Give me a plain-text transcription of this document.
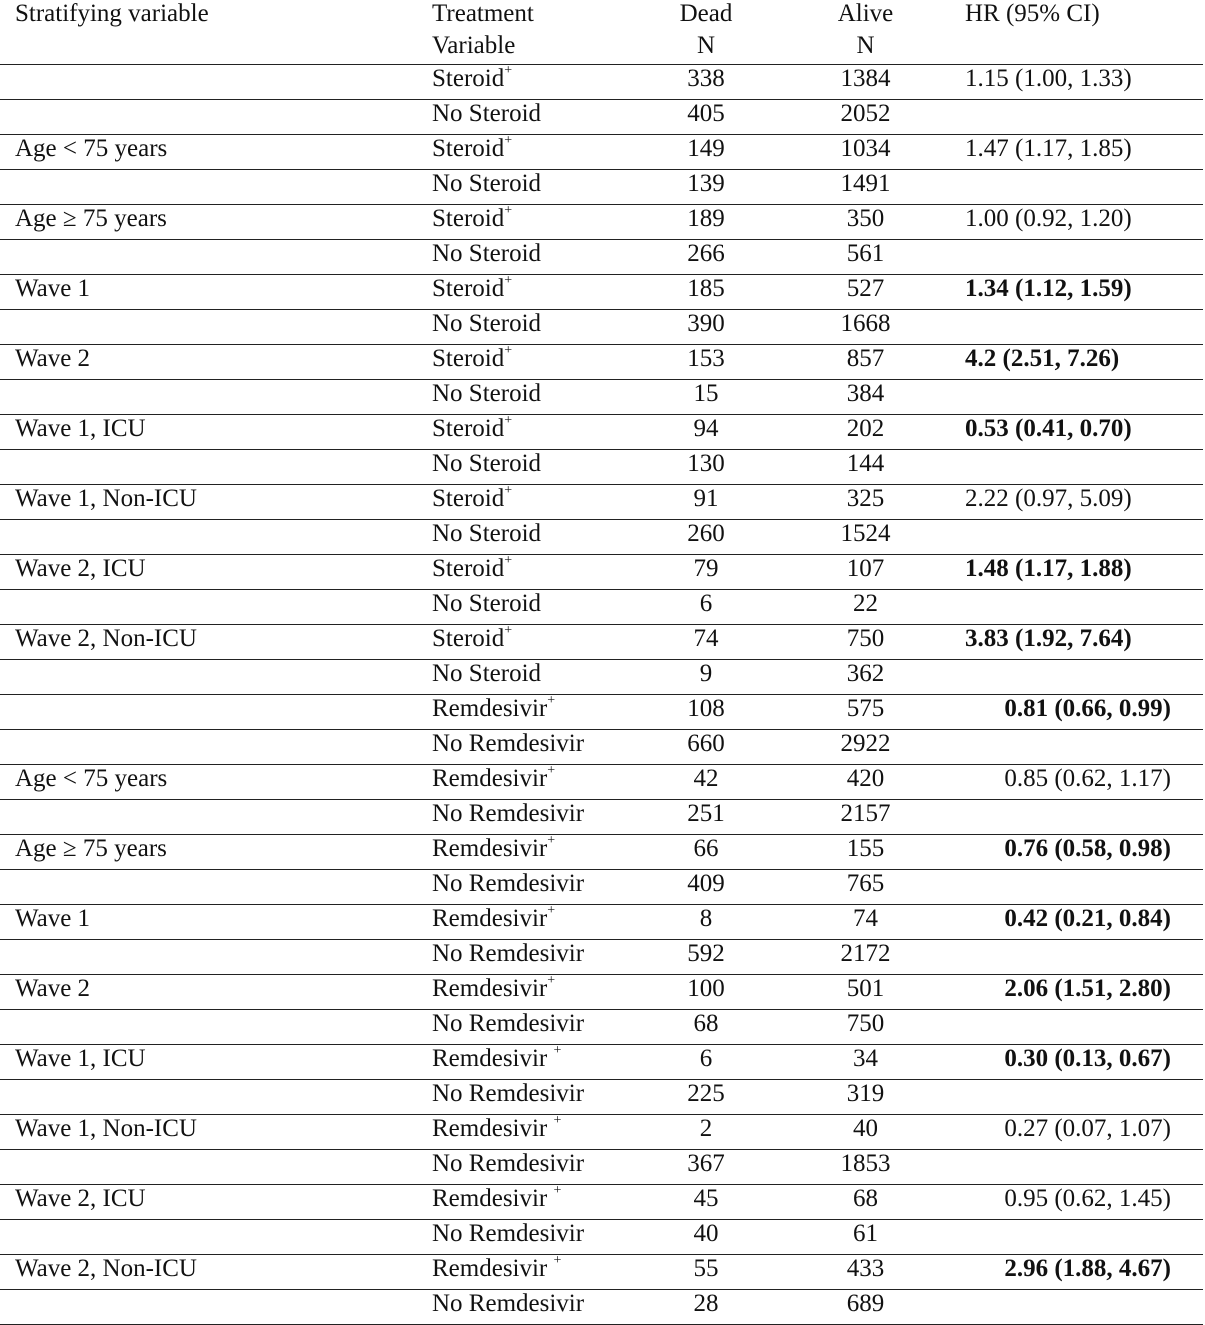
Stratifying variable	Treatment	Dead	Alive	HR (95% CI)
	Variable	N	N	
	Steroid+	338	1384	1.15 (1.00, 1.33)
	No Steroid	405	2052	
Age < 75 years	Steroid+	149	1034	1.47 (1.17, 1.85)
	No Steroid	139	1491	
Age ≥ 75 years	Steroid+	189	350	1.00 (0.92, 1.20)
	No Steroid	266	561	
Wave 1	Steroid+	185	527	1.34 (1.12, 1.59)
	No Steroid	390	1668	
Wave 2	Steroid+	153	857	4.2 (2.51, 7.26)
	No Steroid	15	384	
Wave 1, ICU	Steroid+	94	202	0.53 (0.41, 0.70)
	No Steroid	130	144	
Wave 1, Non-ICU	Steroid+	91	325	2.22 (0.97, 5.09)
	No Steroid	260	1524	
Wave 2, ICU	Steroid+	79	107	1.48 (1.17, 1.88)
	No Steroid	6	22	
Wave 2, Non-ICU	Steroid+	74	750	3.83 (1.92, 7.64)
	No Steroid	9	362	
	Remdesivir+	108	575	0.81 (0.66, 0.99)
	No Remdesivir	660	2922	
Age < 75 years	Remdesivir+	42	420	0.85 (0.62, 1.17)
	No Remdesivir	251	2157	
Age ≥ 75 years	Remdesivir+	66	155	0.76 (0.58, 0.98)
	No Remdesivir	409	765	
Wave 1	Remdesivir+	8	74	0.42 (0.21, 0.84)
	No Remdesivir	592	2172	
Wave 2	Remdesivir+	100	501	2.06 (1.51, 2.80)
	No Remdesivir	68	750	
Wave 1, ICU	Remdesivir +	6	34	0.30 (0.13, 0.67)
	No Remdesivir	225	319	
Wave 1, Non-ICU	Remdesivir +	2	40	0.27 (0.07, 1.07)
	No Remdesivir	367	1853	
Wave 2, ICU	Remdesivir +	45	68	0.95 (0.62, 1.45)
	No Remdesivir	40	61	
Wave 2, Non-ICU	Remdesivir +	55	433	2.96 (1.88, 4.67)
	No Remdesivir	28	689	
